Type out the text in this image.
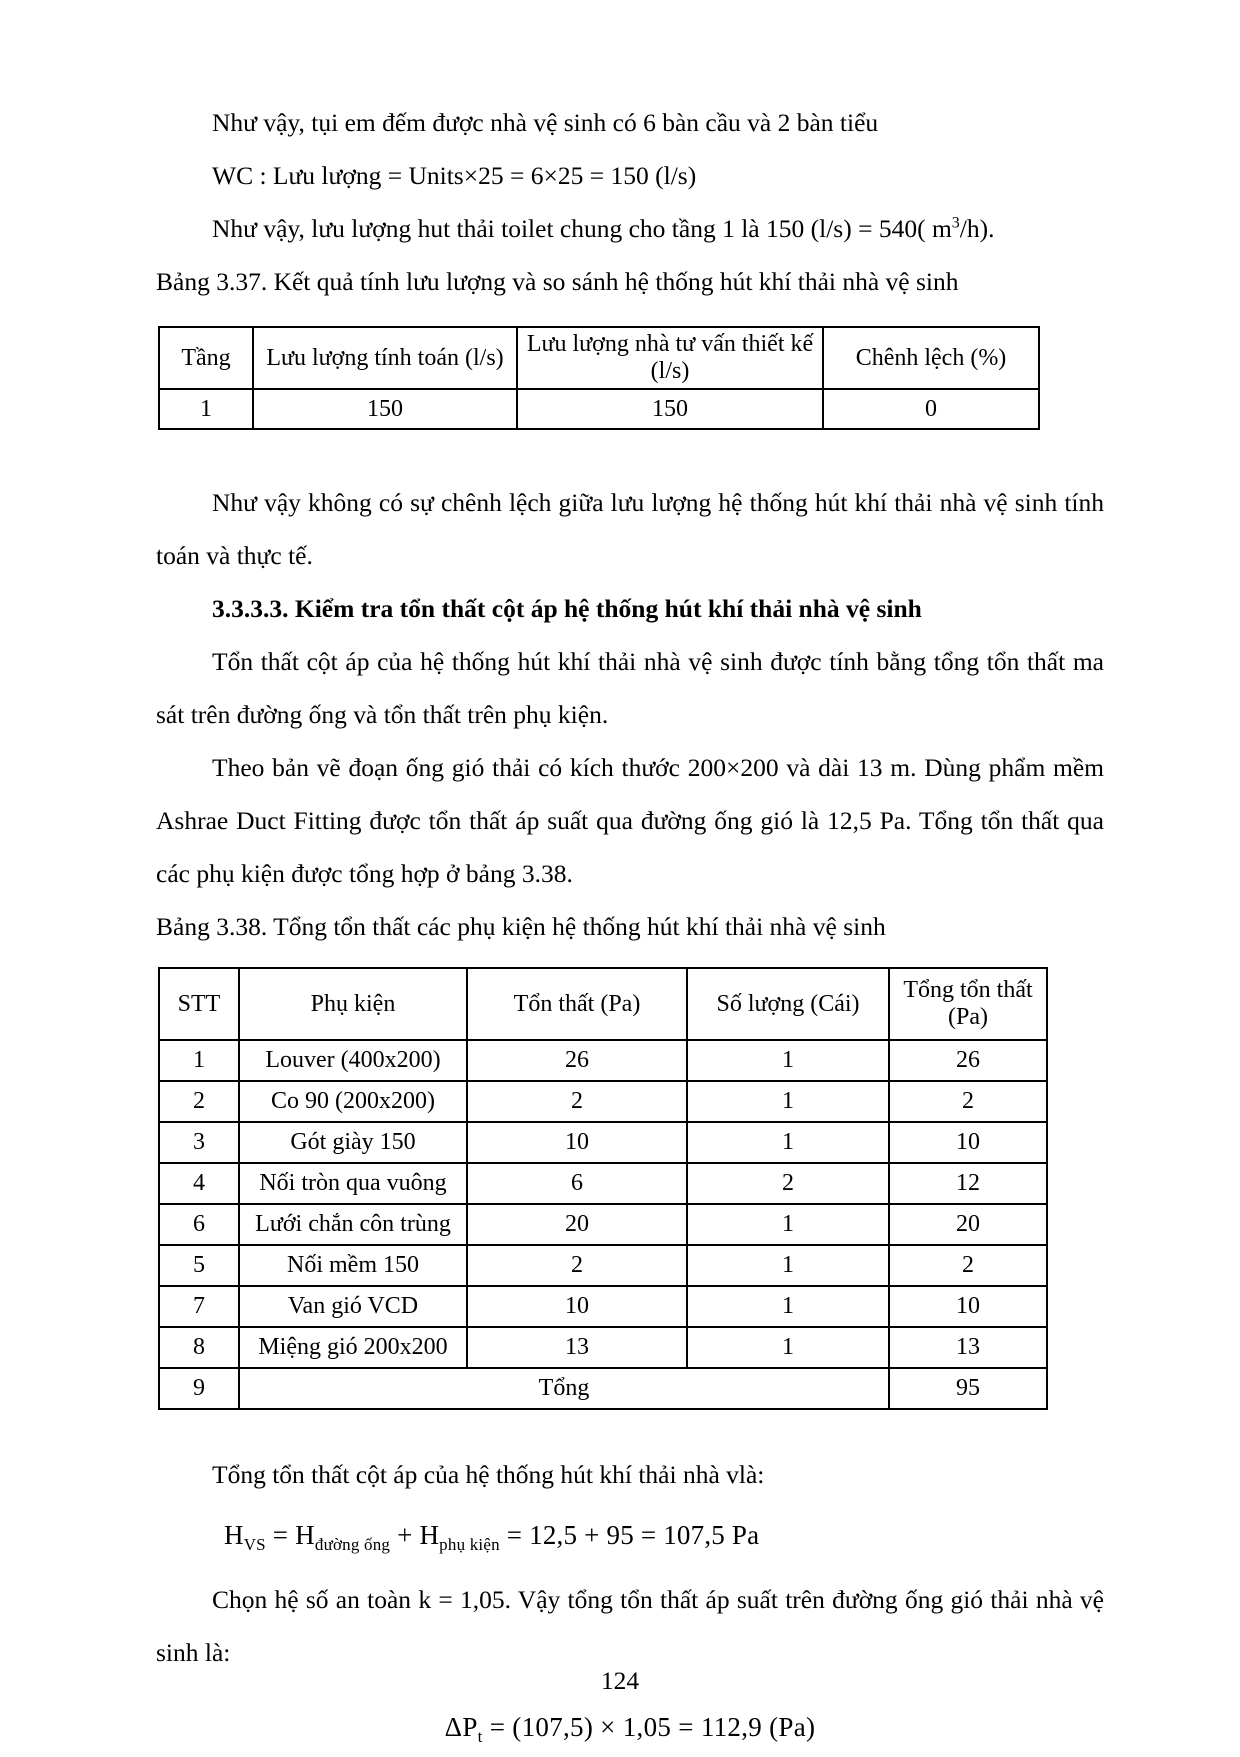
Như vậy, tụi em đếm được nhà vệ sinh có 6 bàn cầu và 2 bàn tiểu

WC : Lưu lượng = Units×25 = 6×25 = 150 (l/s)

Như vậy, lưu lượng hut thải toilet chung cho tầng 1 là 150 (l/s) = 540( $m^3/h$).

Bảng 3.37. Kết quả tính lưu lượng và so sánh hệ thống hút khí thải nhà vệ sinh

Tầng	Lưu lượng tính toán (l/s)	Lưu lượng nhà tư vấn thiết kế (l/s)	Chênh lệch (%)
1	150	150	0

Như vậy không có sự chênh lệch giữa lưu lượng hệ thống hút khí thải nhà vệ sinh tính toán và thực tế.

3.3.3.3. Kiểm tra tổn thất cột áp hệ thống hút khí thải nhà vệ sinh

Tổn thất cột áp của hệ thống hút khí thải nhà vệ sinh được tính bằng tổng tổn thất ma sát trên đường ống và tổn thất trên phụ kiện.

Theo bản vẽ đoạn ống gió thải có kích thước 200×200 và dài 13 m. Dùng phẩm mềm Ashrae Duct Fitting được tổn thất áp suất qua đường ống gió là 12,5 Pa. Tổng tổn thất qua các phụ kiện được tổng hợp ở bảng 3.38.

Bảng 3.38. Tổng tổn thất các phụ kiện hệ thống hút khí thải nhà vệ sinh

STT	Phụ kiện	Tổn thất (Pa)	Số lượng (Cái)	Tổng tổn thất (Pa)
1	Louver (400x200)	26	1	26
2	Co 90 (200x200)	2	1	2
3	Gót giày 150	10	1	10
4	Nối tròn qua vuông	6	2	12
6	Lưới chắn côn trùng	20	1	20
5	Nối mềm 150	2	1	2
7	Van gió VCD	10	1	10
8	Miệng gió 200x200	13	1	13
9	Tổng			95

Tổng tổn thất cột áp của hệ thống hút khí thải nhà vlà:

$H_{VS} = H_{đường ống} + H_{phụ kiện} = 12,5 + 95 = 107,5$ Pa

Chọn hệ số an toàn k = 1,05. Vậy tổng tổn thất áp suất trên đường ống gió thải nhà vệ sinh là:

$\Delta P_t = (107,5) \times 1,05 = 112,9$ (Pa)

124
